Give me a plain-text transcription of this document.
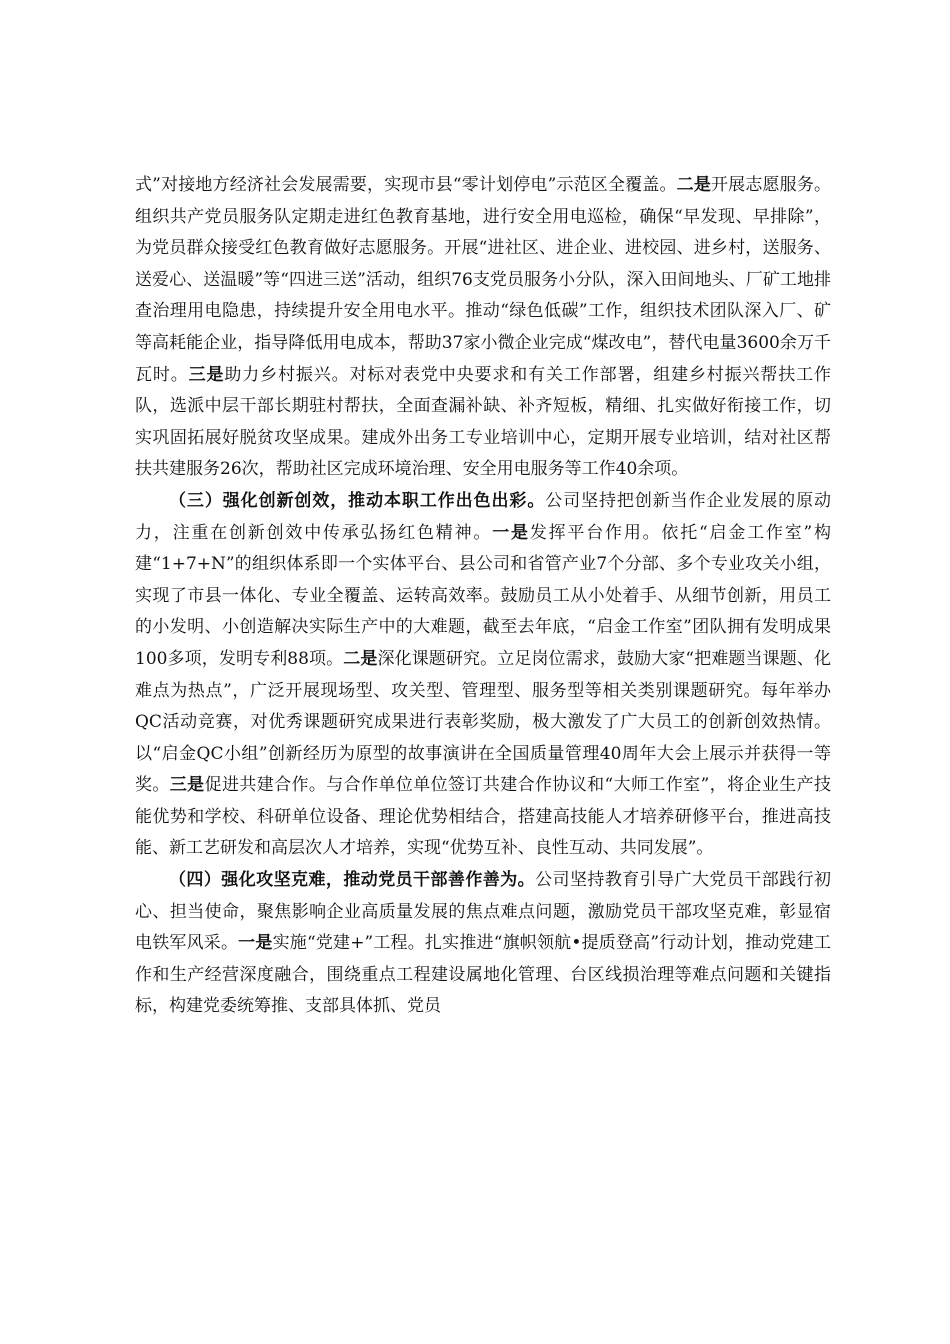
式”对接地方经济社会发展需要，实现市县“零计划停电”示范区全覆盖。二是开展志愿服务。组织共产党员服务队定期走进红色教育基地，进行安全用电巡检，确保“早发现、早排除”，为党员群众接受红色教育做好志愿服务。开展“进社区、进企业、进校园、进乡村，送服务、送爱心、送温暖”等“四进三送”活动，组织76支党员服务小分队，深入田间地头、厂矿工地排查治理用电隐患，持续提升安全用电水平。推动“绿色低碳”工作，组织技术团队深入厂、矿等高耗能企业，指导降低用电成本，帮助37家小微企业完成“煤改电”，替代电量3600余万千瓦时。三是助力乡村振兴。对标对表党中央要求和有关工作部署，组建乡村振兴帮扶工作队，选派中层干部长期驻村帮扶，全面查漏补缺、补齐短板，精细、扎实做好衔接工作，切实巩固拓展好脱贫攻坚成果。建成外出务工专业培训中心，定期开展专业培训，结对社区帮扶共建服务26次，帮助社区完成环境治理、安全用电服务等工作40余项。

（三）强化创新创效，推动本职工作出色出彩。公司坚持把创新当作企业发展的原动力，注重在创新创效中传承弘扬红色精神。一是发挥平台作用。依托“启金工作室”构建“1+7+N”的组织体系即一个实体平台、县公司和省管产业7个分部、多个专业攻关小组，实现了市县一体化、专业全覆盖、运转高效率。鼓励员工从小处着手、从细节创新，用员工的小发明、小创造解决实际生产中的大难题，截至去年底，“启金工作室”团队拥有发明成果100多项，发明专利88项。二是深化课题研究。立足岗位需求，鼓励大家“把难题当课题、化难点为热点”，广泛开展现场型、攻关型、管理型、服务型等相关类别课题研究。每年举办QC活动竞赛，对优秀课题研究成果进行表彰奖励，极大激发了广大员工的创新创效热情。以“启金QC小组”创新经历为原型的故事演讲在全国质量管理40周年大会上展示并获得一等奖。三是促进共建合作。与合作单位单位签订共建合作协议和“大师工作室”，将企业生产技能优势和学校、科研单位设备、理论优势相结合，搭建高技能人才培养研修平台，推进高技能、新工艺研发和高层次人才培养，实现“优势互补、良性互动、共同发展”。

（四）强化攻坚克难，推动党员干部善作善为。公司坚持教育引导广大党员干部践行初心、担当使命，聚焦影响企业高质量发展的焦点难点问题，激励党员干部攻坚克难，彰显宿电铁军风采。一是实施“党建+”工程。扎实推进“旗帜领航•提质登高”行动计划，推动党建工作和生产经营深度融合，围绕重点工程建设属地化管理、台区线损治理等难点问题和关键指标，构建党委统筹推、支部具体抓、党员
